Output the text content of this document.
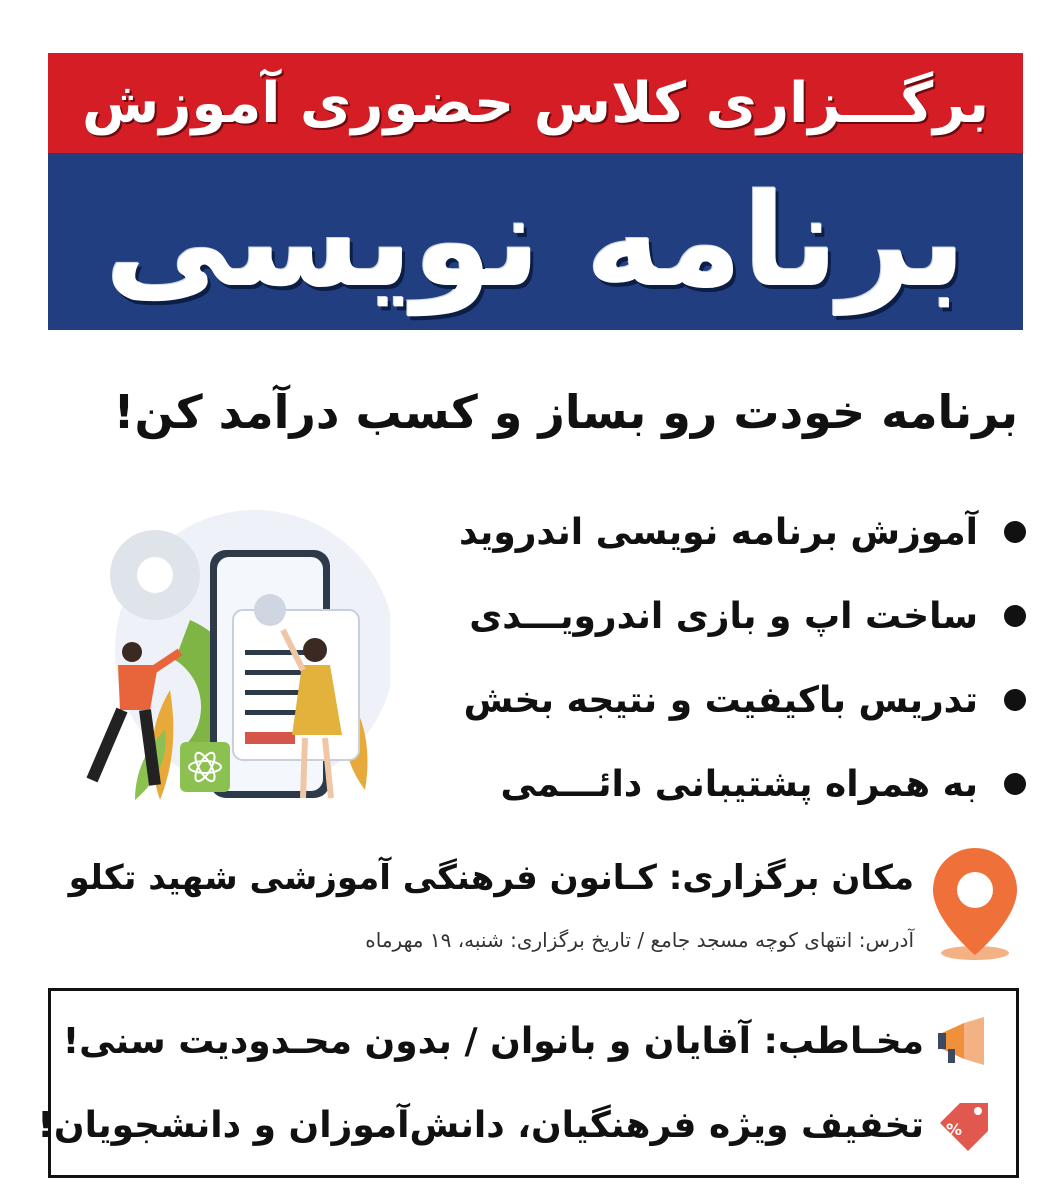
برگـــزاری کلاس حضوری آموزش
برنامه نویسی
برنامه خودت رو بساز و کسب درآمد کن!
آموزش برنامه نویسی اندروید
ساخت اپ و بازی اندرویـــدی
تدریس باکیفیت و نتیجه بخش
به همراه پشتیبانی دائـــمی
مکان برگزاری: کـانون فرهنگی آموزشی شهید تکلو
آدرس: انتهای کوچه مسجد جامع / تاریخ برگزاری: شنبه، ۱۹ مهرماه
مخـاطب: آقایان و بانوان / بدون محـدودیت سنی!
%
تخفیف ویژه فرهنگیان، دانش‌آموزان و دانشجویان!
